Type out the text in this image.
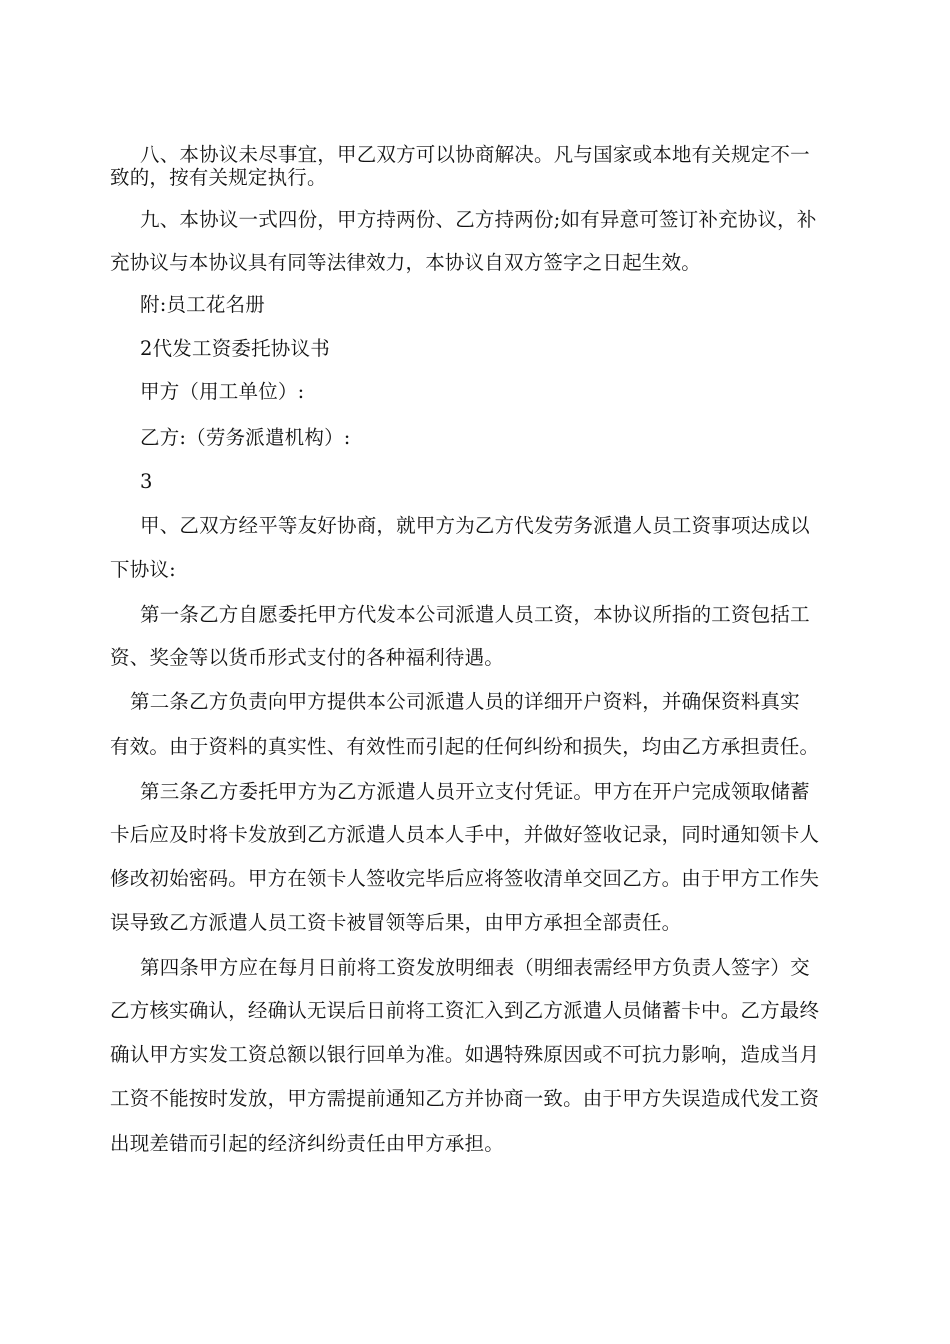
八、本协议未尽事宜，甲乙双方可以协商解决。凡与国家或本地有关规定不一

致的，按有关规定执行。

九、本协议一式四份，甲方持两份、乙方持两份;如有异意可签订补充协议，补

充协议与本协议具有同等法律效力，本协议自双方签字之日起生效。

附:员工花名册

2代发工资委托协议书

甲方（用工单位）:

乙方:（劳务派遣机构）:

3

甲、乙双方经平等友好协商，就甲方为乙方代发劳务派遣人员工资事项达成以

下协议:

第一条乙方自愿委托甲方代发本公司派遣人员工资，本协议所指的工资包括工

资、奖金等以货币形式支付的各种福利待遇。

第二条乙方负责向甲方提供本公司派遣人员的详细开户资料，并确保资料真实

有效。由于资料的真实性、有效性而引起的任何纠纷和损失，均由乙方承担责任。

第三条乙方委托甲方为乙方派遣人员开立支付凭证。甲方在开户完成领取储蓄

卡后应及时将卡发放到乙方派遣人员本人手中，并做好签收记录，同时通知领卡人

修改初始密码。甲方在领卡人签收完毕后应将签收清单交回乙方。由于甲方工作失

误导致乙方派遣人员工资卡被冒领等后果，由甲方承担全部责任。

第四条甲方应在每月日前将工资发放明细表（明细表需经甲方负责人签字）交

乙方核实确认，经确认无误后日前将工资汇入到乙方派遣人员储蓄卡中。乙方最终

确认甲方实发工资总额以银行回单为准。如遇特殊原因或不可抗力影响，造成当月

工资不能按时发放，甲方需提前通知乙方并协商一致。由于甲方失误造成代发工资

出现差错而引起的经济纠纷责任由甲方承担。
